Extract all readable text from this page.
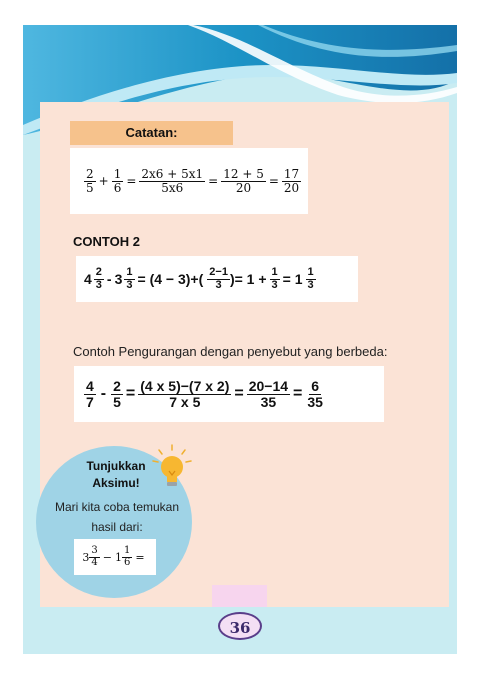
Catatan:
2
$5 + \frac{1}{6} = \frac{2x6 + 5x1}{5x6} = \frac{12 + 5}{20} = \frac{17}{20}$
CONTOH 2
4 2
$3 - 3 \frac{1}{3} = (4 - 3)+$( 2−1
3 )= $1 + \frac{1}{3} = 1$ 1
3
Contoh Pengurangan dengan penyebut yang berbeda:
4
$7 - \frac{2}{5} = \frac{(4 x 5)-(7 x 2)}{7 x 5} = \frac{20-14}{35} = \frac{6}{35}$
Tunjukkan Aksimu!
Mari kita coba temukan hasil dari:
3 3
$4 - 1 \frac{1}{6}$ =
36
